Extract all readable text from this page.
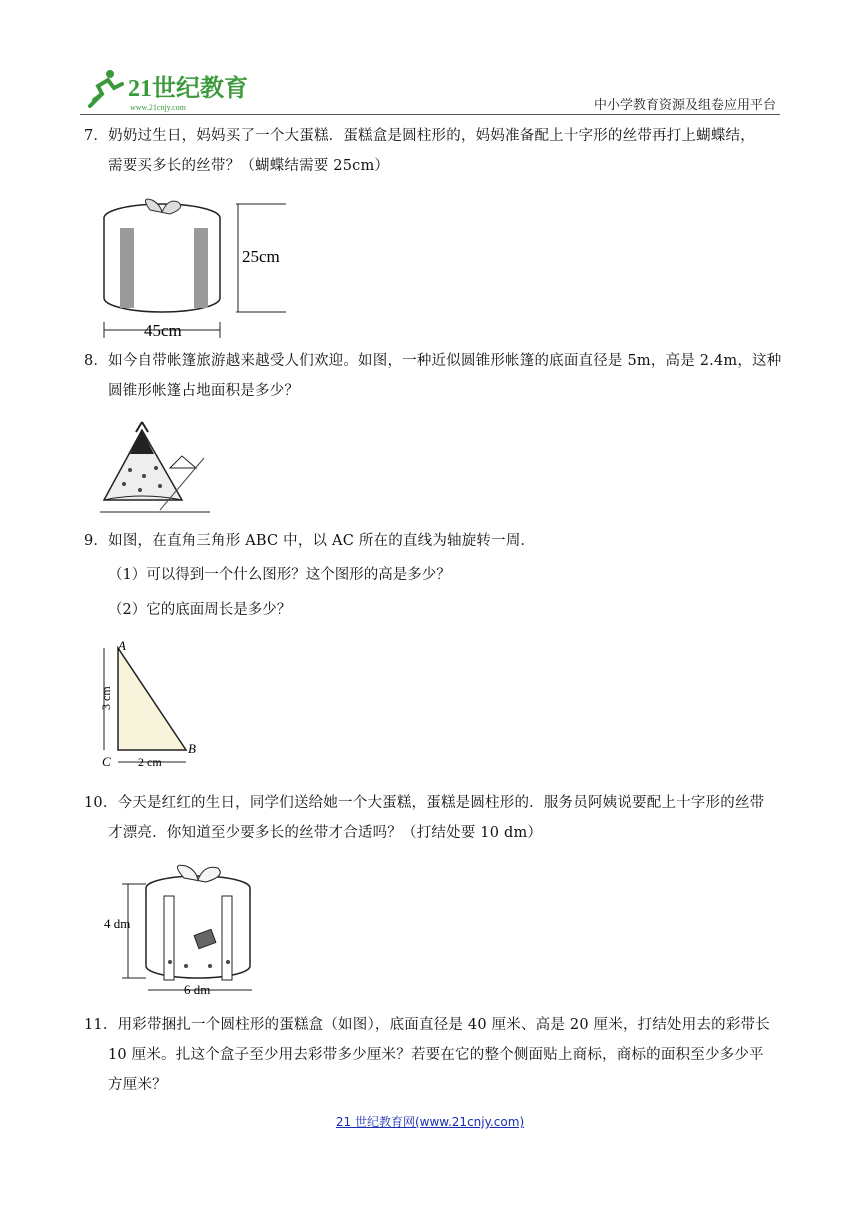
21世纪教育
www.21cnjy.com	中小学教育资源及组卷应用平台

7．奶奶过生日，妈妈买了一个大蛋糕．蛋糕盒是圆柱形的，妈妈准备配上十字形的丝带再打上蝴蝶结，

需要买多长的丝带？（蝴蝶结需要 25cm）

25cm
45cm

8．如今自带帐篷旅游越来越受人们欢迎。如图，一种近似圆锥形帐篷的底面直径是 5m，高是 2.4m，这种

圆锥形帐篷占地面积是多少？

9．如图，在直角三角形 ABC 中，以 AC 所在的直线为轴旋转一周．

（1）可以得到一个什么图形？这个图形的高是多少？
（2）它的底面周长是多少？
A
B
C
3 cm
2 cm

10．今天是红红的生日，同学们送给她一个大蛋糕，蛋糕是圆柱形的．服务员阿姨说要配上十字形的丝带

才漂亮．你知道至少要多长的丝带才合适吗？（打结处要 10 dm）

4 dm
6 dm

11．用彩带捆扎一个圆柱形的蛋糕盒（如图），底面直径是 40 厘米、高是 20 厘米，打结处用去的彩带长

10 厘米。扎这个盒子至少用去彩带多少厘米？若要在它的整个侧面贴上商标，商标的面积至少多少平

方厘米？

21 世纪教育网(www.21cnjy.com)
